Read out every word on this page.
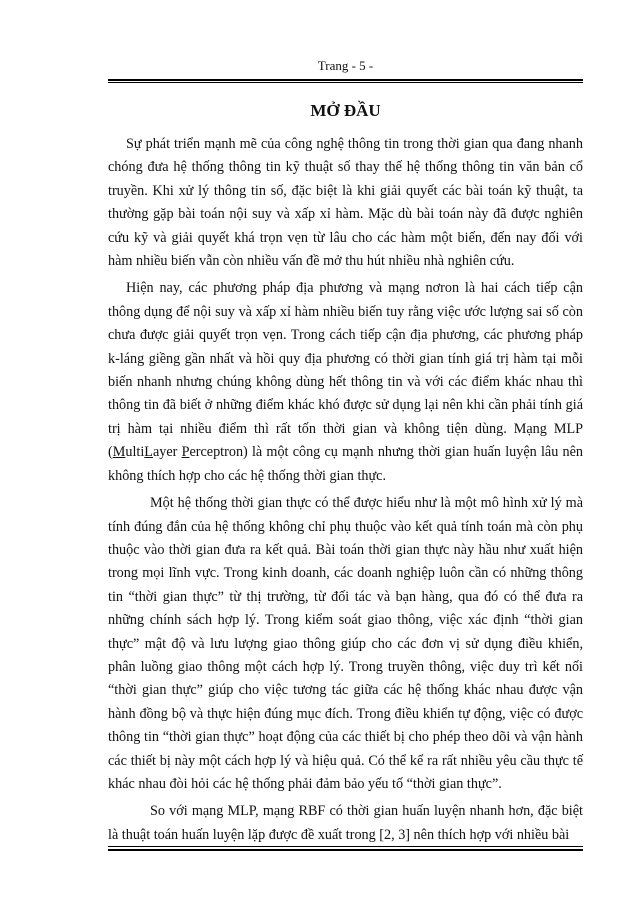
Trang - 5 -
MỞ ĐẦU

Sự phát triển mạnh mẽ của công nghệ thông tin trong thời gian qua đang nhanh chóng đưa hệ thống thông tin kỹ thuật số thay thế hệ thống thông tin văn bản cổ truyền. Khi xử lý thông tin số, đặc biệt là khi giải quyết các bài toán kỹ thuật, ta thường gặp bài toán nội suy và xấp xỉ hàm. Mặc dù bài toán này đã được nghiên cứu kỹ và giải quyết khá trọn vẹn từ lâu cho các hàm một biến, đến nay đối với hàm nhiều biến vẫn còn nhiều vấn đề mở thu hút nhiều nhà nghiên cứu.

Hiện nay, các phương pháp địa phương và mạng nơron là hai cách tiếp cận thông dụng để nội suy và xấp xỉ hàm nhiều biến tuy rằng việc ước lượng sai số còn chưa được giải quyết trọn vẹn. Trong cách tiếp cận địa phương, các phương pháp k-láng giềng gần nhất và hồi quy địa phương có thời gian tính giá trị hàm tại mỗi biến nhanh nhưng chúng không dùng hết thông tin và với các điểm khác nhau thì thông tin đã biết ở những điểm khác khó được sử dụng lại nên khi cần phải tính giá trị hàm tại nhiều điểm thì rất tốn thời gian và không tiện dùng. Mạng MLP (MultiLayer Perceptron) là một công cụ mạnh nhưng thời gian huấn luyện lâu nên không thích hợp cho các hệ thống thời gian thực.

Một hệ thống thời gian thực có thể được hiểu như là một mô hình xử lý mà tính đúng đắn của hệ thống không chỉ phụ thuộc vào kết quả tính toán mà còn phụ thuộc vào thời gian đưa ra kết quả. Bài toán thời gian thực này hầu như xuất hiện trong mọi lĩnh vực. Trong kinh doanh, các doanh nghiệp luôn cần có những thông tin “thời gian thực” từ thị trường, từ đối tác và bạn hàng, qua đó có thể đưa ra những chính sách hợp lý. Trong kiểm soát giao thông, việc xác định “thời gian thực” mật độ và lưu lượng giao thông giúp cho các đơn vị sử dụng điều khiển, phân luồng giao thông một cách hợp lý. Trong truyền thông, việc duy trì kết nối “thời gian thực” giúp cho việc tương tác giữa các hệ thống khác nhau được vận hành đồng bộ và thực hiện đúng mục đích. Trong điều khiển tự động, việc có được thông tin “thời gian thực” hoạt động của các thiết bị cho phép theo dõi và vận hành các thiết bị này một cách hợp lý và hiệu quả. Có thể kể ra rất nhiều yêu cầu thực tế khác nhau đòi hỏi các hệ thống phải đảm bảo yếu tố “thời gian thực”.

So với mạng MLP, mạng RBF có thời gian huấn luyện nhanh hơn, đặc biệt là thuật toán huấn luyện lặp được đề xuất trong [2, 3] nên thích hợp với nhiều bài
